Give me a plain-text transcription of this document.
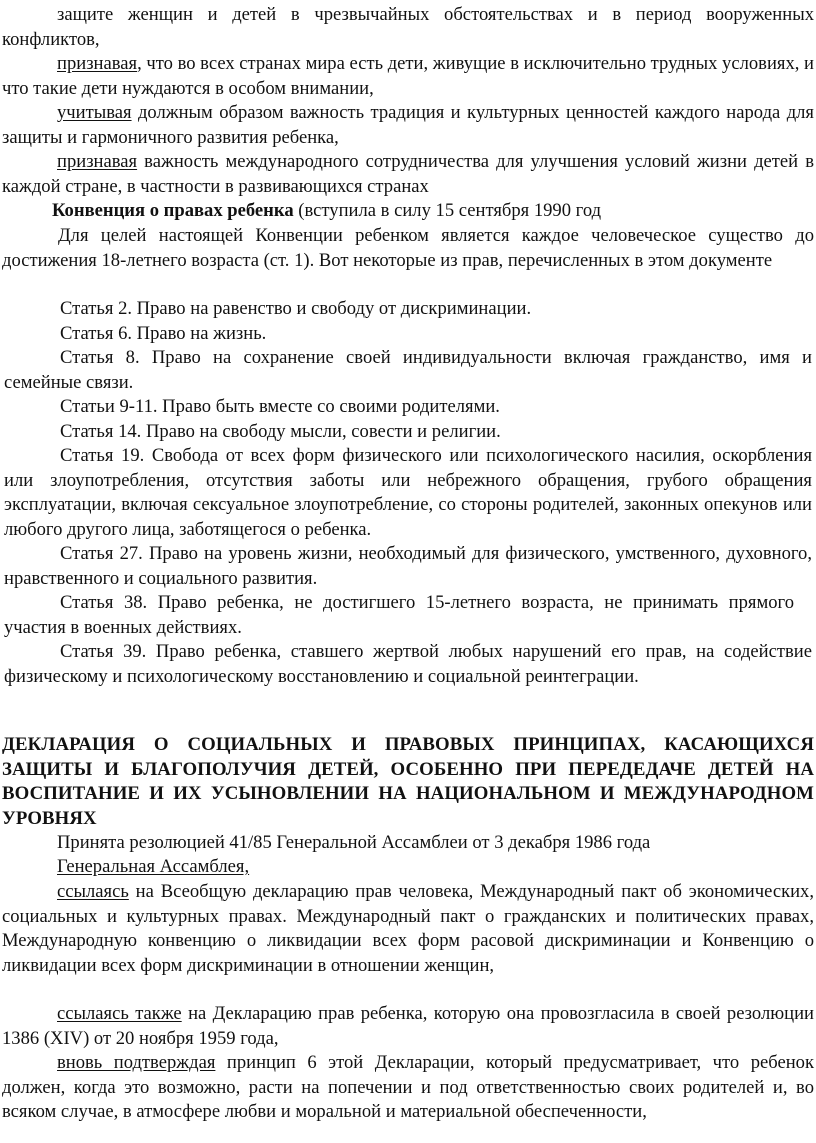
защите женщин и детей в чрезвычайных обстоятельствах и в период вооруженных конфликтов,

признавая, что во всех странах мира есть дети, живущие в исключительно трудных условиях, и что такие дети нуждаются в особом внимании,

учитывая должным образом важность традиция и культурных ценностей каждого народа для защиты и гармоничного развития ребенка,

признавая важность международного сотрудничества для улучшения условий жизни детей в каждой стране, в частности в развивающихся странах

Конвенция о правах ребенка (вступила в силу 15 сентября 1990 год

Для целей настоящей Конвенции ребенком является каждое человеческое существо до достижения 18-летнего возраста (ст. 1). Вот некоторые из прав, перечисленных в этом документе

Статья 2. Право на равенство и свободу от дискриминации.

Статья 6. Право на жизнь.

Статья 8. Право на сохранение своей индивидуальности включая гражданство, имя и семейные связи.

Статьи 9-11. Право быть вместе со своими родителями.

Статья 14. Право на свободу мысли, совести и религии.

Статья 19. Свобода от всех форм физического или психологического насилия, оскорбления или злоупотребления, отсутствия заботы или небрежного обращения, грубого обращения эксплуатации, включая сексуальное злоупотребление, со стороны родителей, законных опекунов или любого другого лица, заботящегося о ребенка.

Статья 27. Право на уровень жизни, необходимый для физического, умственного, духовного, нравственного и социального развития.

Статья 38. Право ребенка, не достигшего 15-летнего возраста, не принимать прямого участия в военных действиях.

Статья 39. Право ребенка, ставшего жертвой любых нарушений его прав, на содействие физическому и психологическому восстановлению и социальной реинтеграции.

ДЕКЛАРАЦИЯ О СОЦИАЛЬНЫХ И ПРАВОВЫХ ПРИНЦИПАХ, КАСАЮЩИХСЯ ЗАЩИТЫ И БЛАГОПОЛУЧИЯ ДЕТЕЙ, ОСОБЕННО ПРИ ПЕРЕДЕДАЧЕ ДЕТЕЙ НА ВОСПИТАНИЕ И ИХ УСЫНОВЛЕНИИ НА НАЦИОНАЛЬНОМ И МЕЖДУНАРОДНОМ УРОВНЯХ

Принята резолюцией 41/85 Генеральной Ассамблеи от 3 декабря 1986 года

Генеральная Ассамблея,

ссылаясь на Всеобщую декларацию прав человека, Международный пакт об экономических, социальных и культурных правах. Международный пакт о гражданских и политических правах, Международную конвенцию о ликвидации всех форм расовой дискриминации и Конвенцию о ликвидации всех форм дискриминации в отношении женщин,

ссылаясь также на Декларацию прав ребенка, которую она провозгласила в своей резолюции 1386 (XIV) от 20 ноября 1959 года,

вновь подтверждая принцип 6 этой Декларации, который предусматривает, что ребенок должен, когда это возможно, расти на попечении и под ответственностью своих родителей и, во всяком случае, в атмосфере любви и моральной и материальной обеспеченности,
